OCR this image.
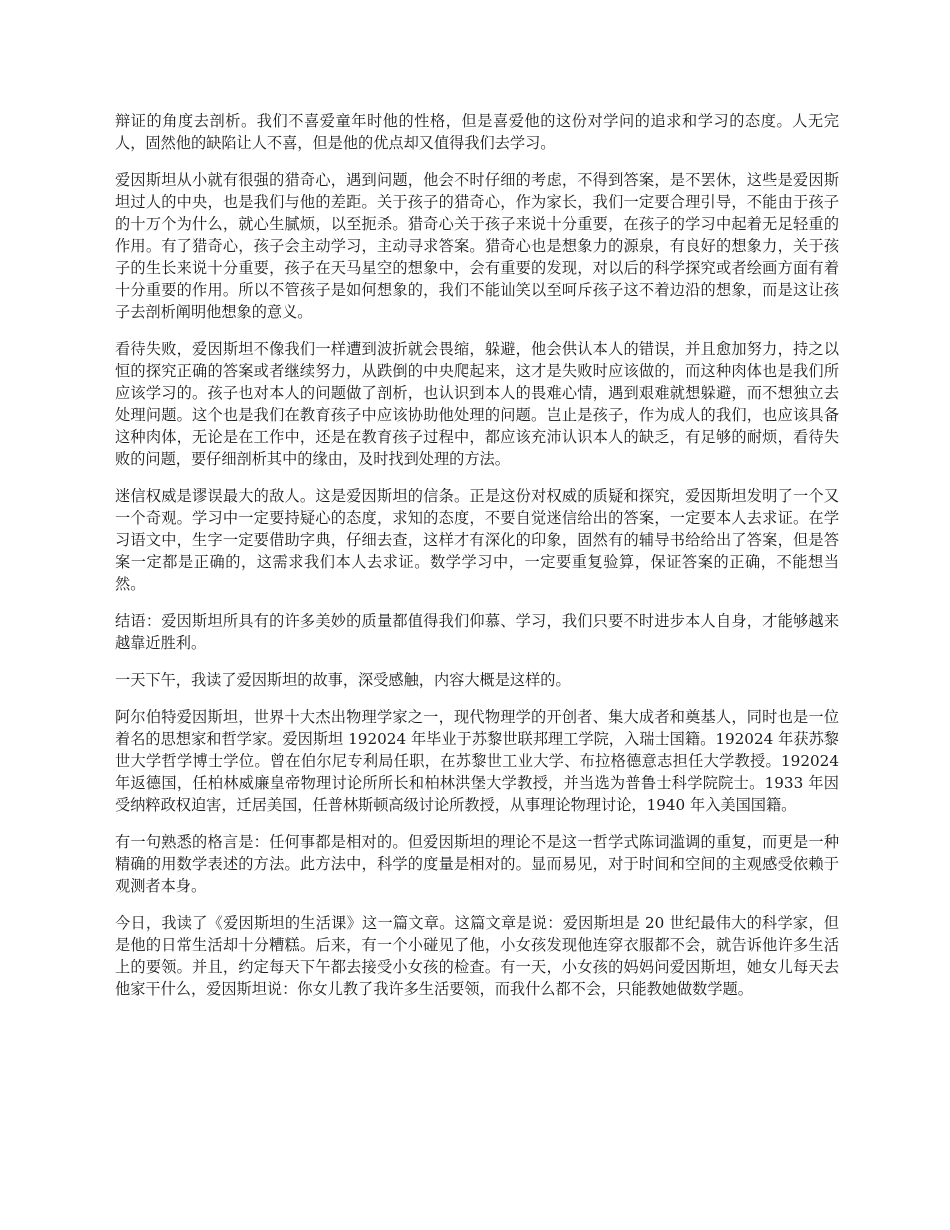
辩证的角度去剖析。我们不喜爱童年时他的性格，但是喜爱他的这份对学问的追求和学习的态度。人无完人，固然他的缺陷让人不喜，但是他的优点却又值得我们去学习。

爱因斯坦从小就有很强的猎奇心，遇到问题，他会不时仔细的考虑，不得到答案，是不罢休，这些是爱因斯坦过人的中央，也是我们与他的差距。关于孩子的猎奇心，作为家长，我们一定要合理引导，不能由于孩子的十万个为什么，就心生腻烦，以至扼杀。猎奇心关于孩子来说十分重要，在孩子的学习中起着无足轻重的作用。有了猎奇心，孩子会主动学习，主动寻求答案。猎奇心也是想象力的源泉，有良好的想象力，关于孩子的生长来说十分重要，孩子在天马星空的想象中，会有重要的发现，对以后的科学探究或者绘画方面有着十分重要的作用。所以不管孩子是如何想象的，我们不能讪笑以至呵斥孩子这不着边沿的想象，而是这让孩子去剖析阐明他想象的意义。

看待失败，爱因斯坦不像我们一样遭到波折就会畏缩，躲避，他会供认本人的错误，并且愈加努力，持之以恒的探究正确的答案或者继续努力，从跌倒的中央爬起来，这才是失败时应该做的，而这种肉体也是我们所应该学习的。孩子也对本人的问题做了剖析，也认识到本人的畏难心情，遇到艰难就想躲避，而不想独立去处理问题。这个也是我们在教育孩子中应该协助他处理的问题。岂止是孩子，作为成人的我们，也应该具备这种肉体，无论是在工作中，还是在教育孩子过程中，都应该充沛认识本人的缺乏，有足够的耐烦，看待失败的问题，要仔细剖析其中的缘由，及时找到处理的方法。

迷信权威是谬误最大的敌人。这是爱因斯坦的信条。正是这份对权威的质疑和探究，爱因斯坦发明了一个又一个奇观。学习中一定要持疑心的态度，求知的态度，不要自觉迷信给出的答案，一定要本人去求证。在学习语文中，生字一定要借助字典，仔细去查，这样才有深化的印象，固然有的辅导书给给出了答案，但是答案一定都是正确的，这需求我们本人去求证。数学学习中，一定要重复验算，保证答案的正确，不能想当然。

结语：爱因斯坦所具有的许多美妙的质量都值得我们仰慕、学习，我们只要不时进步本人自身，才能够越来越靠近胜利。

一天下午，我读了爱因斯坦的故事，深受感触，内容大概是这样的。

阿尔伯特爱因斯坦，世界十大杰出物理学家之一，现代物理学的开创者、集大成者和奠基人，同时也是一位着名的思想家和哲学家。爱因斯坦 192024 年毕业于苏黎世联邦理工学院，入瑞士国籍。192024 年获苏黎世大学哲学博士学位。曾在伯尔尼专利局任职，在苏黎世工业大学、布拉格德意志担任大学教授。192024 年返德国，任柏林威廉皇帝物理讨论所所长和柏林洪堡大学教授，并当选为普鲁士科学院院士。1933 年因受纳粹政权迫害，迁居美国，任普林斯顿高级讨论所教授，从事理论物理讨论，1940 年入美国国籍。

有一句熟悉的格言是：任何事都是相对的。但爱因斯坦的理论不是这一哲学式陈词滥调的重复，而更是一种精确的用数学表述的方法。此方法中，科学的度量是相对的。显而易见，对于时间和空间的主观感受依赖于观测者本身。

今日，我读了《爱因斯坦的生活课》这一篇文章。这篇文章是说：爱因斯坦是 20 世纪最伟大的科学家，但是他的日常生活却十分糟糕。后来，有一个小碰见了他，小女孩发现他连穿衣服都不会，就告诉他许多生活上的要领。并且，约定每天下午都去接受小女孩的检查。有一天，小女孩的妈妈问爱因斯坦，她女儿每天去他家干什么，爱因斯坦说：你女儿教了我许多生活要领，而我什么都不会，只能教她做数学题。
